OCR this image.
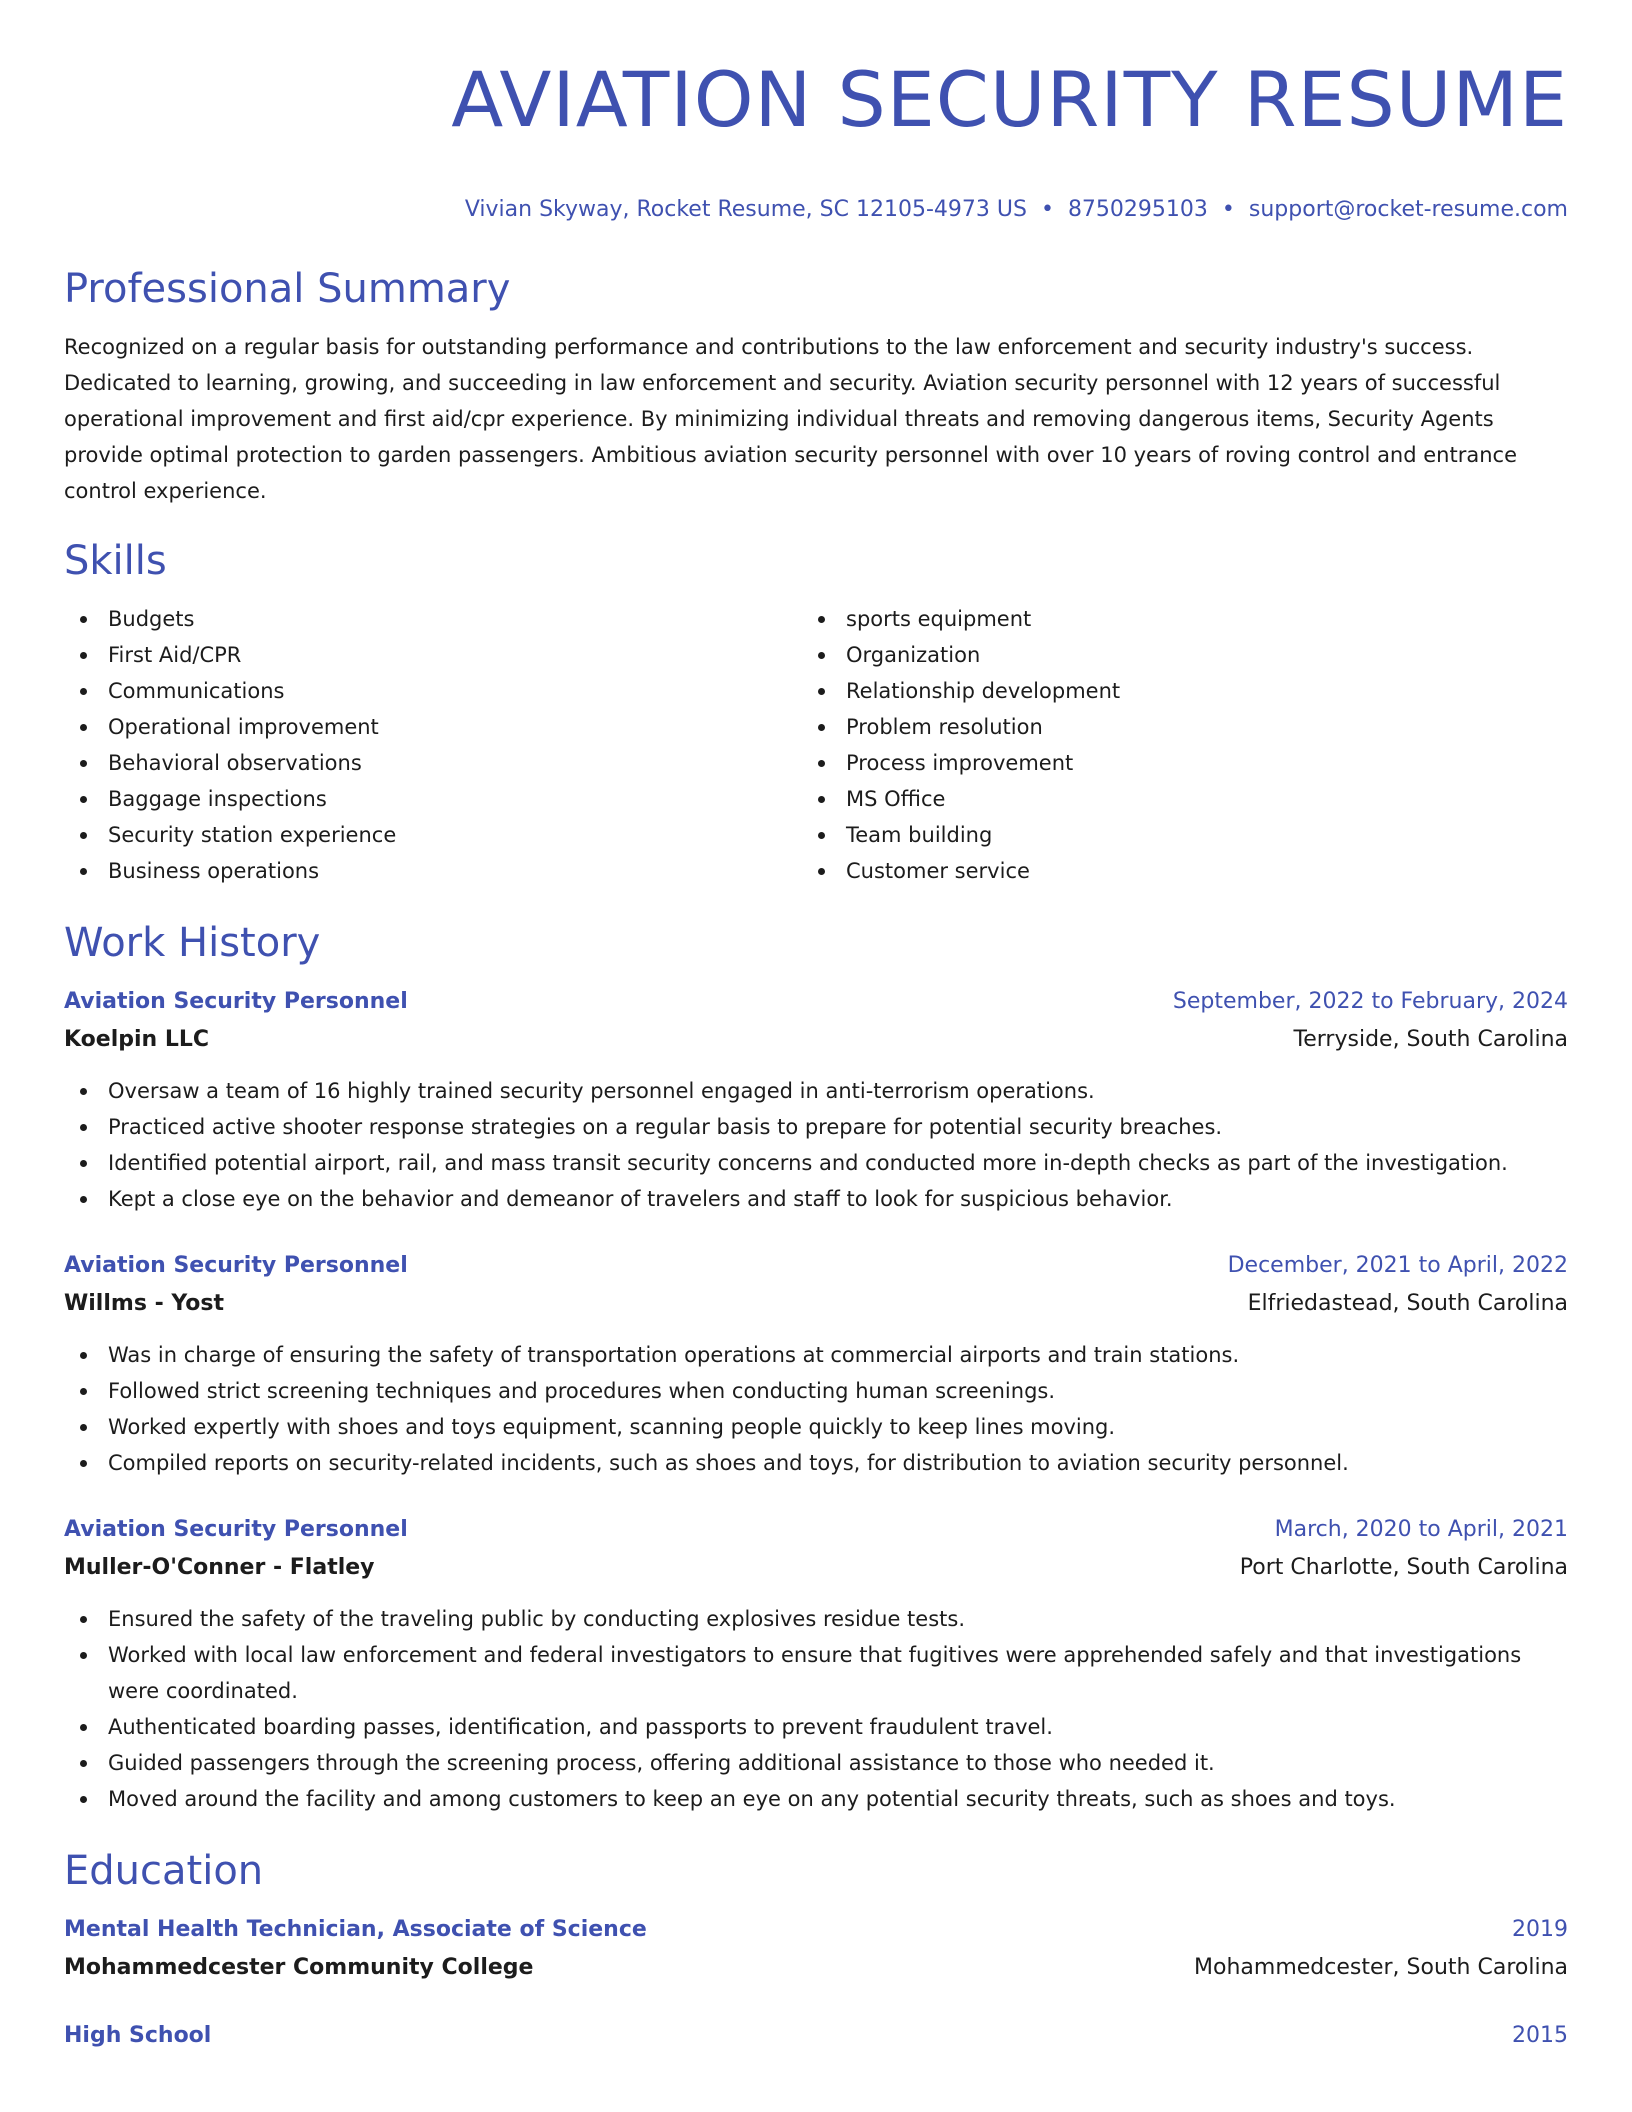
AVIATION SECURITY RESUME
Vivian Skyway, Rocket Resume, SC 12105-4973 US • 8750295103 • support@rocket-resume.com
Professional Summary
Recognized on a regular basis for outstanding performance and contributions to the law enforcement and security industry's success. Dedicated to learning, growing, and succeeding in law enforcement and security. Aviation security personnel with 12 years of successful operational improvement and first aid/cpr experience. By minimizing individual threats and removing dangerous items, Security Agents provide optimal protection to garden passengers. Ambitious aviation security personnel with over 10 years of roving control and entrance control experience.
Skills
Budgets
First Aid/CPR
Communications
Operational improvement
Behavioral observations
Baggage inspections
Security station experience
Business operations
sports equipment
Organization
Relationship development
Problem resolution
Process improvement
MS Office
Team building
Customer service
Work History
Aviation Security Personnel	September, 2022 to February, 2024
Koelpin LLC	Terryside, South Carolina
Oversaw a team of 16 highly trained security personnel engaged in anti-terrorism operations.
Practiced active shooter response strategies on a regular basis to prepare for potential security breaches.
Identified potential airport, rail, and mass transit security concerns and conducted more in-depth checks as part of the investigation.
Kept a close eye on the behavior and demeanor of travelers and staff to look for suspicious behavior.
Aviation Security Personnel	December, 2021 to April, 2022
Willms - Yost	Elfriedastead, South Carolina
Was in charge of ensuring the safety of transportation operations at commercial airports and train stations.
Followed strict screening techniques and procedures when conducting human screenings.
Worked expertly with shoes and toys equipment, scanning people quickly to keep lines moving.
Compiled reports on security-related incidents, such as shoes and toys, for distribution to aviation security personnel.
Aviation Security Personnel	March, 2020 to April, 2021
Muller-O'Conner - Flatley	Port Charlotte, South Carolina
Ensured the safety of the traveling public by conducting explosives residue tests.
Worked with local law enforcement and federal investigators to ensure that fugitives were apprehended safely and that investigations were coordinated.
Authenticated boarding passes, identification, and passports to prevent fraudulent travel.
Guided passengers through the screening process, offering additional assistance to those who needed it.
Moved around the facility and among customers to keep an eye on any potential security threats, such as shoes and toys.
Education
Mental Health Technician, Associate of Science	2019
Mohammedcester Community College	Mohammedcester, South Carolina
High School	2015
